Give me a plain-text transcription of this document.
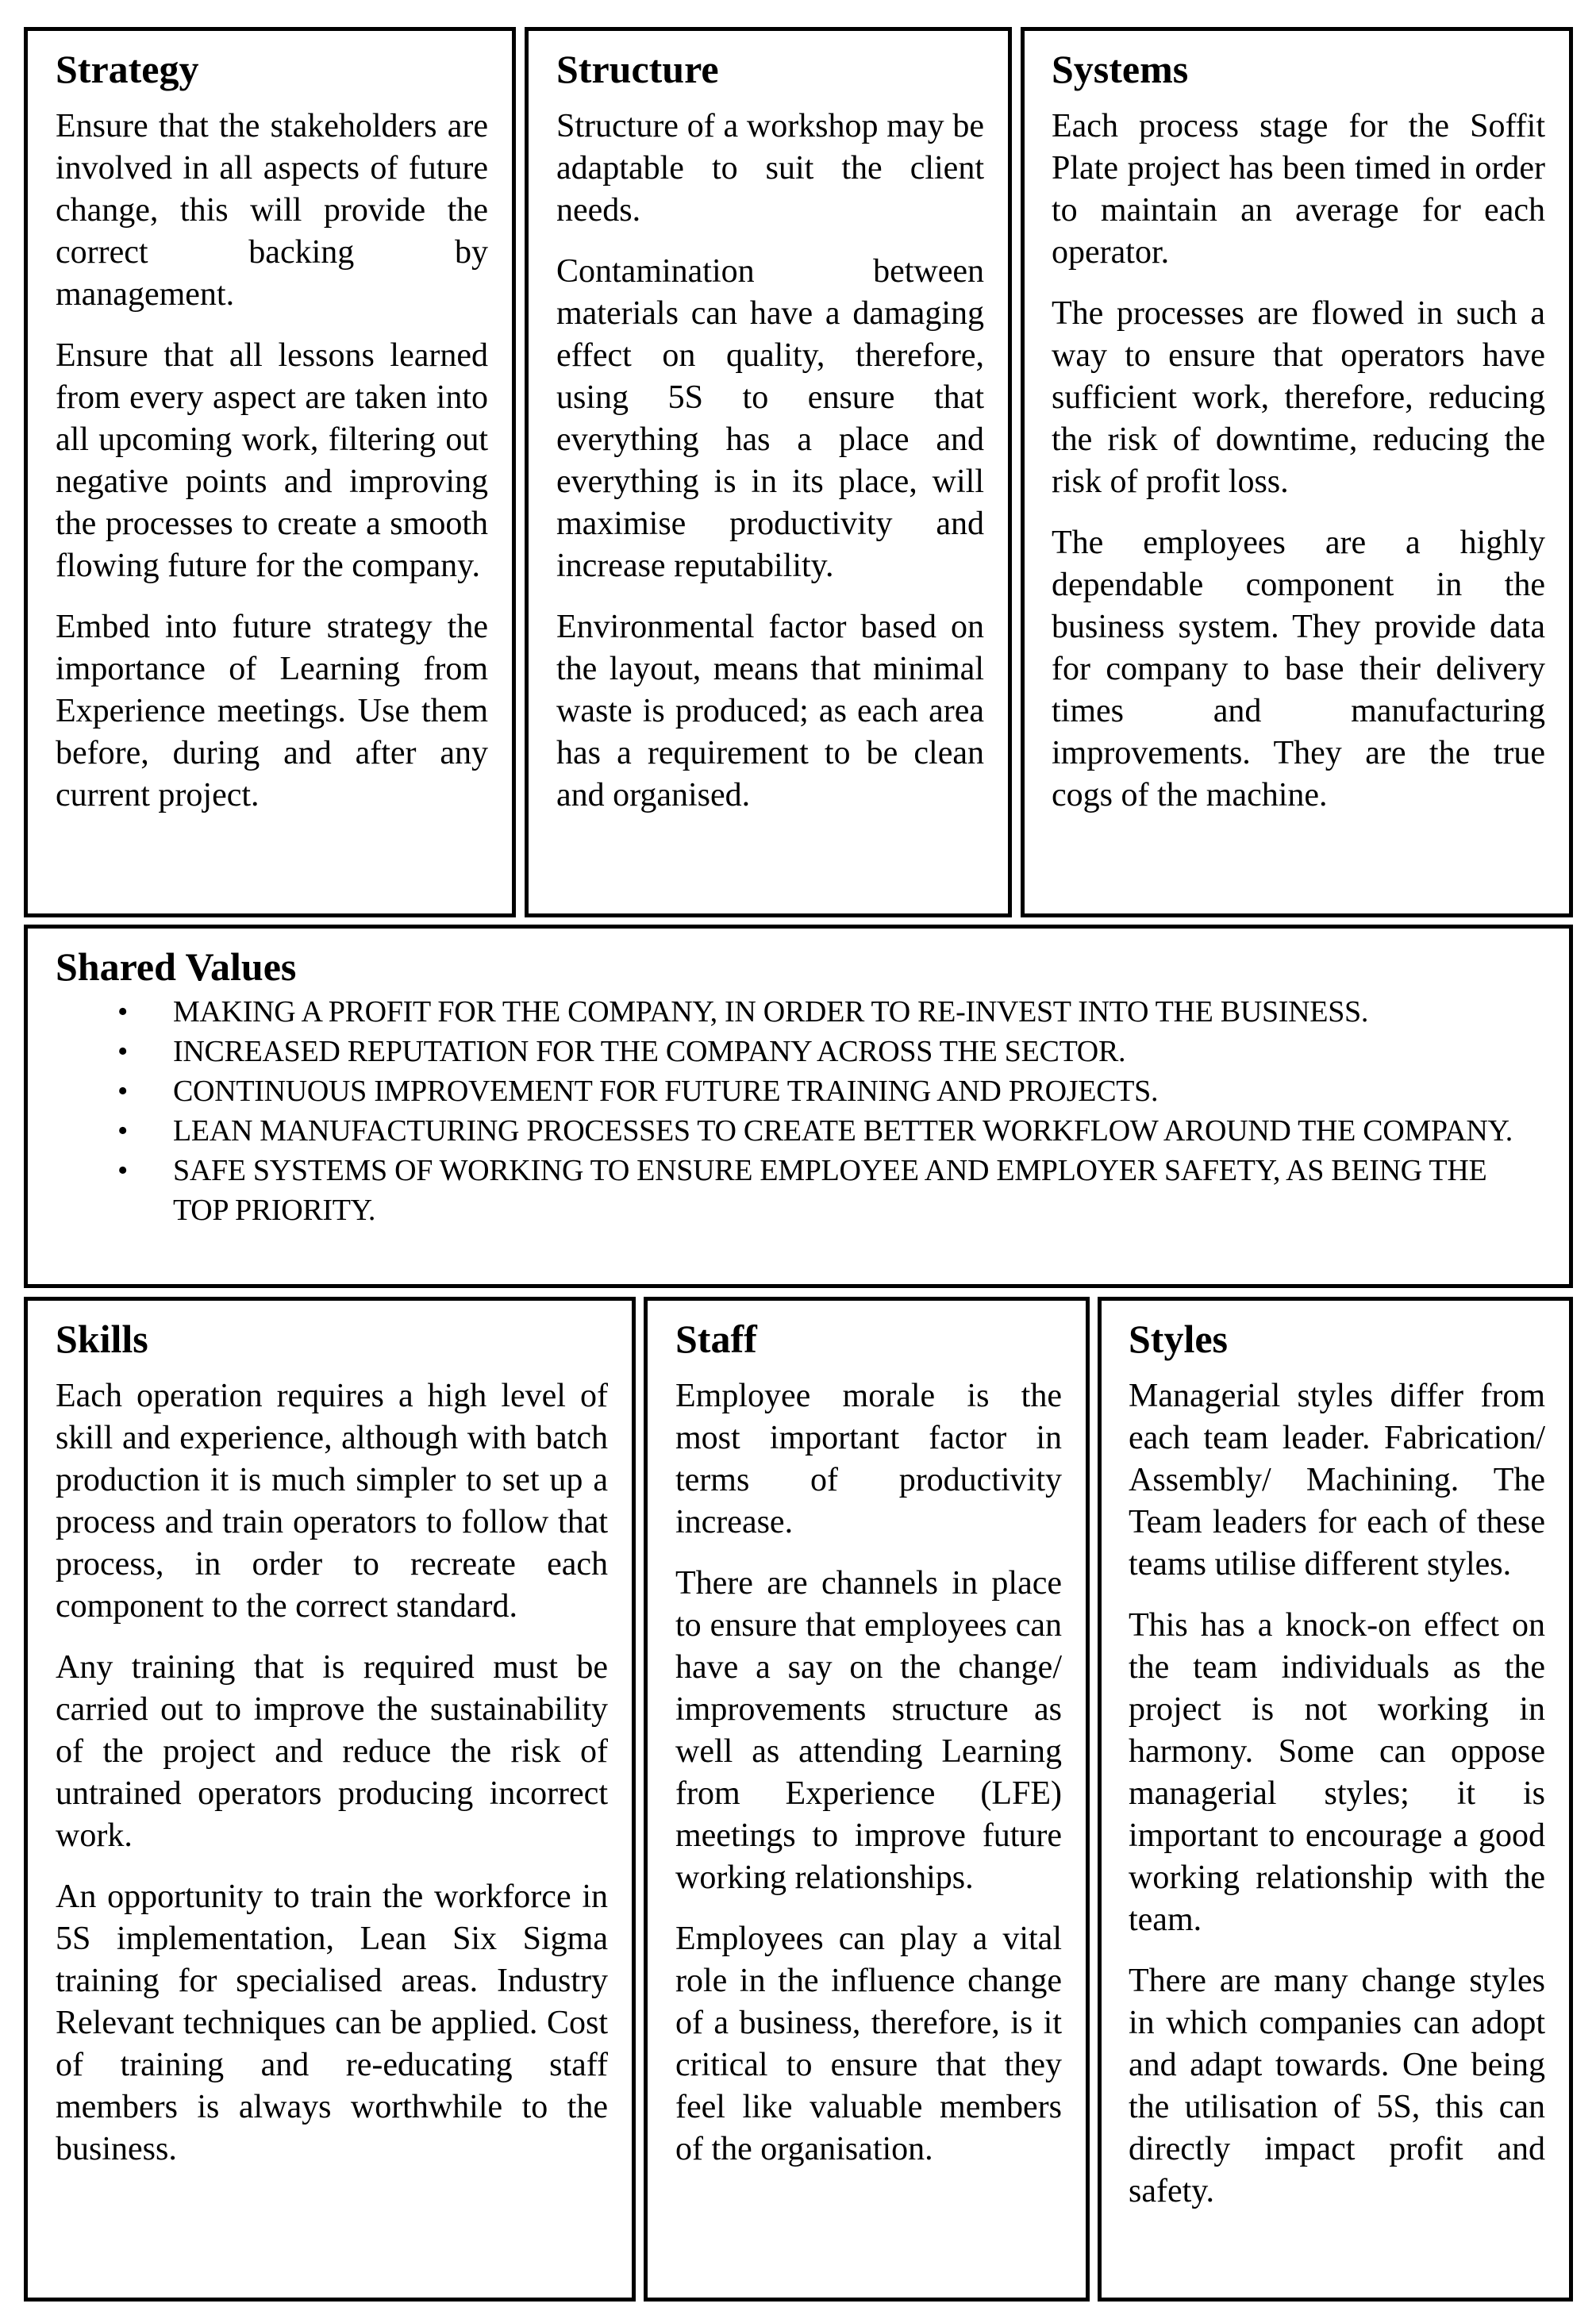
Strategy

Ensure that the stakeholders are involved in all aspects of future change, this will provide the correct backing by management.

Ensure that all lessons learned from every aspect are taken into all upcoming work, filtering out negative points and improving the processes to create a smooth flowing future for the company.

Embed into future strategy the importance of Learning from Experience meetings. Use them before, during and after any current project.

Structure

Structure of a workshop may be adaptable to suit the client needs.

Contamination between materials can have a damaging effect on quality, therefore, using 5S to ensure that everything has a place and everything is in its place, will maximise productivity and increase reputability.

Environmental factor based on the layout, means that minimal waste is produced; as each area has a requirement to be clean and organised.

Systems

Each process stage for the Soffit Plate project has been timed in order to maintain an average for each operator.

The processes are flowed in such a way to ensure that operators have sufficient work, therefore, reducing the risk of downtime, reducing the risk of profit loss.

The employees are a highly dependable component in the business system. They provide data for company to base their delivery times and manufacturing improvements. They are the true cogs of the machine.

Shared Values
• MAKING A PROFIT FOR THE COMPANY, IN ORDER TO RE-INVEST INTO THE BUSINESS.
• INCREASED REPUTATION FOR THE COMPANY ACROSS THE SECTOR.
• CONTINUOUS IMPROVEMENT FOR FUTURE TRAINING AND PROJECTS.
• LEAN MANUFACTURING PROCESSES TO CREATE BETTER WORKFLOW AROUND THE COMPANY.
• SAFE SYSTEMS OF WORKING TO ENSURE EMPLOYEE AND EMPLOYER SAFETY, AS BEING THE TOP PRIORITY.
Skills

Each operation requires a high level of skill and experience, although with batch production it is much simpler to set up a process and train operators to follow that process, in order to recreate each component to the correct standard.

Any training that is required must be carried out to improve the sustainability of the project and reduce the risk of untrained operators producing incorrect work.

An opportunity to train the workforce in 5S implementation, Lean Six Sigma training for specialised areas. Industry Relevant techniques can be applied. Cost of training and re-educating staff members is always worthwhile to the business.

Staff

Employee morale is the most important factor in terms of productivity increase.

There are channels in place to ensure that employees can have a say on the change/ improvements structure as well as attending Learning from Experience (LFE) meetings to improve future working relationships.

Employees can play a vital role in the influence change of a business, therefore, is it critical to ensure that they feel like valuable members of the organisation.

Styles

Managerial styles differ from each team leader. Fabrication/ Assembly/ Machining. The Team leaders for each of these teams utilise different styles.

This has a knock-on effect on the team individuals as the project is not working in harmony. Some can oppose managerial styles; it is important to encourage a good working relationship with the team.

There are many change styles in which companies can adopt and adapt towards. One being the utilisation of 5S, this can directly impact profit and safety.
